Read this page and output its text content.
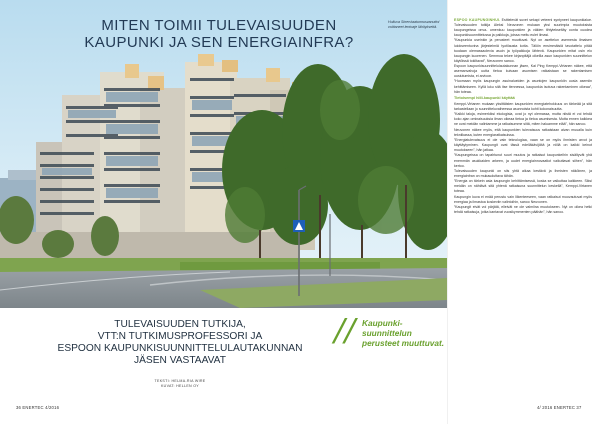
MITEN TOIMII TULEVAISUUDEN
KAUPUNKI JA SEN ENERGIAINFRA?
Hulluva Sinerviaatunnusvanuttoi voittaneet lentoaje lähityksettä.
TULEVAISUUDEN TUTKIJA,
VTT:N TUTKIMUSPROFESSORI JA
ESPOON KAUPUNKISUUNNITTELULAUTAKUNNAN
JÄSEN VASTAAVAT
TEKSTI: HELMA-RIA WIRE
KUVAT: HELLEN OY
// Kaupunki-
suunnittelun
perusteet muuttuvat.
36 ENERTEC 4/2016	4/ 2016 ENERTEC 37

ESPOO KAUPUNGINHUI. Esittelevät suvet sekapi veteeni syntyneet kaupunkialue. Tulevaisuuden tutkija Aleksi Neuvonen mukaan yksi suurimpia muutoksista kaupungeissa onva- umenkuu kaupunkien ja väkien tihtytekseltäy oonta cuodea kaupunkisuunnittelussa ja paikkoja, joissa meitu eulet ilmasi.

”Kaupunkia useinkin ja perusteet muuttuvat. Nyt on asettelun asemesta ilmaisen luiokseentuvina järjestelmiä tyotilausta kotta. Tälöin ensimmäisiä tavotattelu pitää tuodaan olemassaolevia asuin ja työpaikkoja lähtevä. Kaupunkien mitat osin elo kaupungin kuorenen. Semmoa tekee kirjanpitäjä oikeilla asun kaupunkien suunnittelun käytöissä tokiltavat”, Neuvonen sanoo.

Espoon kaupunkisuunnittelulautakunnan jäsen, Kai Ping Kemppi-Virtanen näkee, että asemanvahoja uutta tietoa kuivaan asumisen ratkaistaan se rakentamisen uusiutumista, ei arvioon.

”Huomaan myös kaupungin asuinalueiden ja asuntojen kaupunkiin uusia asemiin kehittämiseen. Kyllä luku sitä itse tiennessa, kaupunkia isotuva rakentaminen oikeaa”, hän toteaa.

Tietoisempi hiili-kaupunki käyttää

Kemppi-Virtanen mukaan yksittäisten kaupunkien energiatehokkuus on tärkeää ja sitä tarkastellaan jo suunnitteluvaiheessa asunnoista kohti kokonaisuutta.

”Kaikki taloja, esimerkiksi ekologisia, ovat jo nyt olemassa, mutta niistä ei voi tehdä koko ajan ominaisuuksia ilman oikeaa tietoa ja tietoa asumisesta. Mutta ennen kaikkea ne ovat meidän valintamme ja ratkaisumme siitä, miten haluamme elää”, hän sanoo.

Neuvonen näkee myös, että kaupunkien tulevaisuus ratkaistaan aivan muualla kuin tekniikassa, kuten energiaratkaisuissa.

”Energiatulevaisuus ei ole vain teknologiaa, vaan se on myös ihmisten arvot ja käyttäytyminen. Kaupungit ovat tässä edelläkävijöitä ja niillä on kaikki keinot muutokseen”, hän jatkaa.

”Kaupungeissa on tapahtunut suuri muutos ja ratkaisut kaupunkeihin sisältyvät yhä enemmän asukkaiden arkeen, ja uudet energiainnovaatiot vaikuttavat siihen”, hän kertoo.

Tulevaisuuden kaupunki on siis yhtä aikaa kestävä ja ihmisten näköinen, ja energiainfran on mukauduttava tähän.

”Energia on tärkein asia kaupungin kehittämisessä, koska se vaikuttaa kaikkeen. Siksi meidän on nähtävä sitä yhtenä ratkaisuna suunnittelun keskellä”, Kemppi-Virtanen toteaa.

Kaupungin kuva ei enää perustu vain liikenteeseen, vaan ratkaisut muovautuvat myös energiaa ja ilmastoa koskeviin valintoihin, sanoo Neuvonen.

”Kaupungit eivät voi pärjätä, elleivät ne ole valmiina muutokseen. Nyt on oikea hetki tehdä ratkaisuja, jotka kantavat vuosikymmenten päähän”, hän sanoo.
